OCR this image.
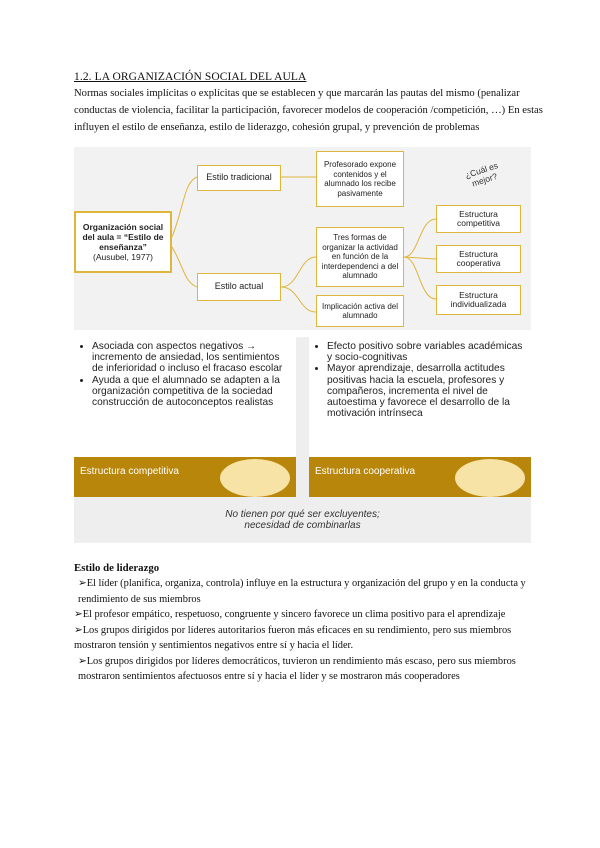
1.2. LA ORGANIZACIÓN SOCIAL DEL AULA
Normas sociales implícitas o explícitas que se establecen y que marcarán las pautas del mismo (penalizar conductas de violencia, facilitar la participación, favorecer modelos de cooperación /competición, …) En estas influyen el estilo de enseñanza, estilo de liderazgo, cohesión grupal, y prevención de problemas
Organización social del aula = “Estilo de enseñanza”
(Ausubel, 1977)
Estilo tradicional
Estilo actual
Profesorado expone contenidos y el alumnado los recibe pasivamente
Tres formas de organizar la actividad en función de la interdependenci a del alumnado
Implicación activa del alumnado
¿Cuál es mejor?
Estructura competitiva
Estructura cooperativa
Estructura individualizada
• Asociada con aspectos negativos → incremento de ansiedad, los sentimientos de inferioridad o incluso el fracaso escolar
• Ayuda a que el alumnado se adapten a la organización competitiva de la sociedad construcción de autoconceptos realistas
Estructura competitiva
• Efecto positivo sobre variables académicas y socio-cognitivas
• Mayor aprendizaje, desarrolla actitudes positivas hacia la escuela, profesores y compañeros, incrementa el nivel de autoestima y favorece el desarrollo de la motivación intrínseca
Estructura cooperativa
No tienen por qué ser excluyentes;
necesidad de combinarlas
Estilo de liderazgo

➢El líder (planifica, organiza, controla) influye en la estructura y organización del grupo y en la conducta y rendimiento de sus miembros

➢El profesor empático, respetuoso, congruente y sincero favorece un clima positivo para el aprendizaje

➢Los grupos dirigidos por líderes autoritarios fueron más eficaces en su rendimiento, pero sus miembros mostraron tensión y sentimientos negativos entre sí y hacia el líder.

➢Los grupos dirigidos por líderes democráticos, tuvieron un rendimiento más escaso, pero sus miembros mostraron sentimientos afectuosos entre sí y hacia el líder y se mostraron más cooperadores
